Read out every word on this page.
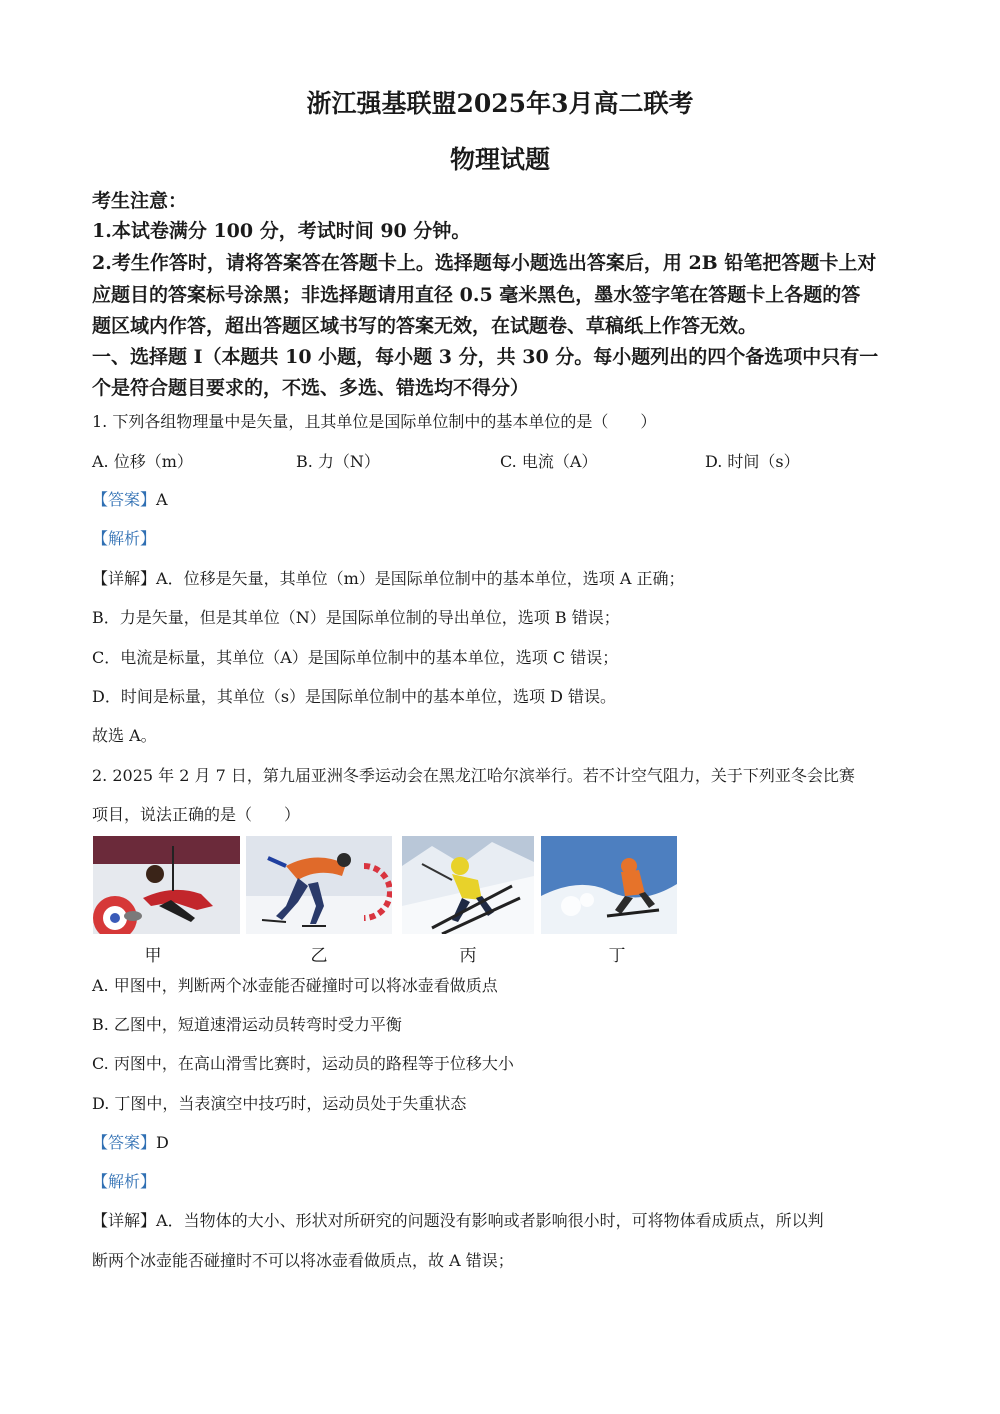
浙江强基联盟2025年3月高二联考
物理试题
考生注意：
1.本试卷满分 100 分，考试时间 90 分钟。
2.考生作答时，请将答案答在答题卡上。选择题每小题选出答案后，用 2B 铅笔把答题卡上对
应题目的答案标号涂黑；非选择题请用直径 0.5 毫米黑色，墨水签字笔在答题卡上各题的答
题区域内作答，超出答题区域书写的答案无效，在试题卷、草稿纸上作答无效。
一、选择题 I（本题共 10 小题，每小题 3 分，共 30 分。每小题列出的四个备选项中只有一
个是符合题目要求的，不选、多选、错选均不得分）
1. 下列各组物理量中是矢量，且其单位是国际单位制中的基本单位的是（　　）
A. 位移（m）	B. 力（N）	C. 电流（A）	D. 时间（s）
【答案】A
【解析】
【详解】A．位移是矢量，其单位（m）是国际单位制中的基本单位，选项 A 正确；
B．力是矢量，但是其单位（N）是国际单位制的导出单位，选项 B 错误；
C．电流是标量，其单位（A）是国际单位制中的基本单位，选项 C 错误；
D．时间是标量，其单位（s）是国际单位制中的基本单位，选项 D 错误。
故选 A。
2. 2025 年 2 月 7 日，第九届亚洲冬季运动会在黑龙江哈尔滨举行。若不计空气阻力，关于下列亚冬会比赛
项目，说法正确的是（　　）
甲	乙	丙	丁
A. 甲图中，判断两个冰壶能否碰撞时可以将冰壶看做质点
B. 乙图中，短道速滑运动员转弯时受力平衡
C. 丙图中，在高山滑雪比赛时，运动员的路程等于位移大小
D. 丁图中，当表演空中技巧时，运动员处于失重状态
【答案】D
【解析】
【详解】A．当物体的大小、形状对所研究的问题没有影响或者影响很小时，可将物体看成质点，所以判
断两个冰壶能否碰撞时不可以将冰壶看做质点，故 A 错误；
